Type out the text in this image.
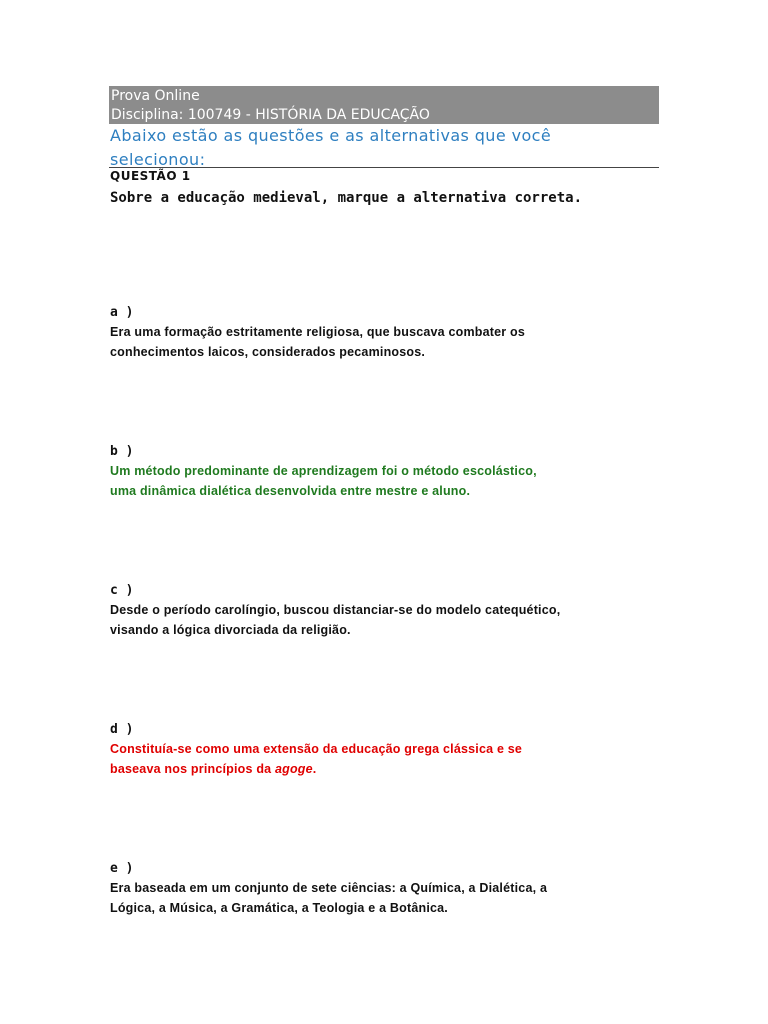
Prova Online
Disciplina: 100749 - HISTÓRIA DA EDUCAÇÃO
Abaixo estão as questões e as alternativas que você
selecionou:
QUESTÃO 1
Sobre a educação medieval, marque a alternativa correta.
a )
Era uma formação estritamente religiosa, que buscava combater os
conhecimentos laicos, considerados pecaminosos.
b )
Um método predominante de aprendizagem foi o método escolástico,
uma dinâmica dialética desenvolvida entre mestre e aluno.
c )
Desde o período carolíngio, buscou distanciar-se do modelo catequético,
visando a lógica divorciada da religião.
d )
Constituía-se como uma extensão da educação grega clássica e se
baseava nos princípios da agoge.
e )
Era baseada em um conjunto de sete ciências: a Química, a Dialética, a
Lógica, a Música, a Gramática, a Teologia e a Botânica.
